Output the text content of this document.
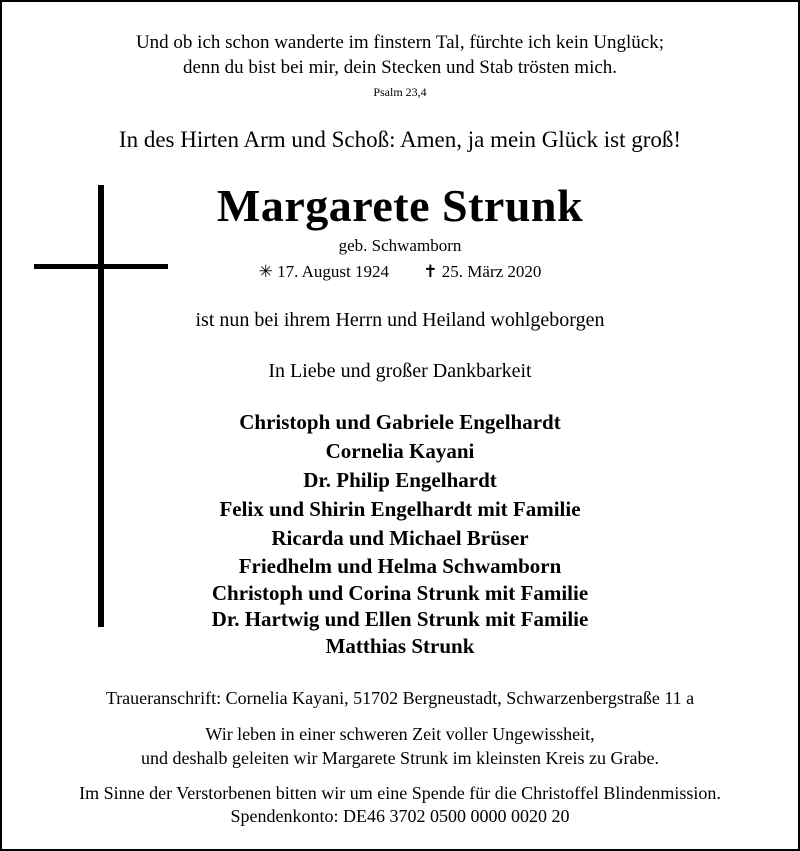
Und ob ich schon wanderte im finstern Tal, fürchte ich kein Unglück;
denn du bist bei mir, dein Stecken und Stab trösten mich.
Psalm 23,4
In des Hirten Arm und Schoß: Amen, ja mein Glück ist groß!
Margarete Strunk
geb. Schwamborn
✳ 17. August 1924 ✝ 25. März 2020
ist nun bei ihrem Herrn und Heiland wohlgeborgen
In Liebe und großer Dankbarkeit
Christoph und Gabriele Engelhardt
Cornelia Kayani
Dr. Philip Engelhardt
Felix und Shirin Engelhardt mit Familie
Ricarda und Michael Brüser
Friedhelm und Helma Schwamborn
Christoph und Corina Strunk mit Familie
Dr. Hartwig und Ellen Strunk mit Familie
Matthias Strunk
Traueranschrift: Cornelia Kayani, 51702 Bergneustadt, Schwarzenbergstraße 11 a
Wir leben in einer schweren Zeit voller Ungewissheit,
und deshalb geleiten wir Margarete Strunk im kleinsten Kreis zu Grabe.
Im Sinne der Verstorbenen bitten wir um eine Spende für die Christoffel Blindenmission.
Spendenkonto: DE46 3702 0500 0000 0020 20
